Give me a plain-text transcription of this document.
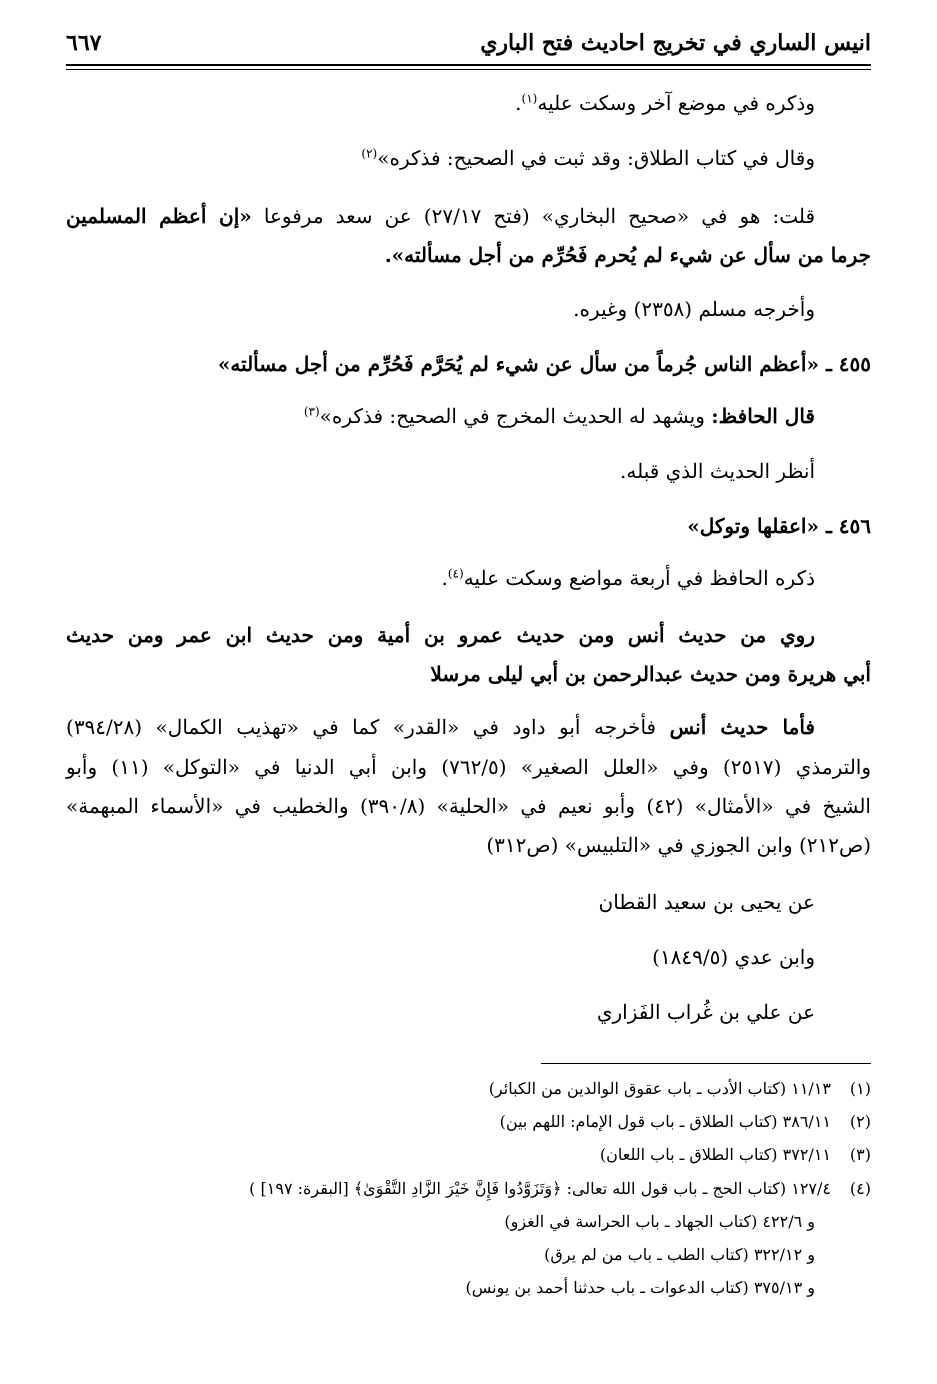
انيس الساري في تخريج احاديث فتح الباري
٦٦٧
وذكره في موضع آخر وسكت عليه$^{(١)}$.
وقال في كتاب الطلاق: وقد ثبت في الصحيح: فذكره»$^{(٢)}$
قلت: هو في «صحيح البخاري» (فتح ٢٧/١٧) عن سعد مرفوعا «إن أعظم المسلمين
جرما من سأل عن شيء لم يُحرم فَحُرِّم من أجل مسألته».
وأخرجه مسلم (٢٣٥٨) وغيره.
٤٥٥ ـ «أعظم الناس جُرماً من سأل عن شيء لم يُحَرَّم فَحُرِّم من أجل مسألته»
قال الحافظ: ويشهد له الحديث المخرج في الصحيح: فذكره»$^{(٣)}$
أنظر الحديث الذي قبله.
٤٥٦ ـ «اعقلها وتوكل»
ذكره الحافظ في أربعة مواضع وسكت عليه$^{(٤)}$.
روي من حديث أنس ومن حديث عمرو بن أمية ومن حديث ابن عمر ومن حديث
أبي هريرة ومن حديث عبدالرحمن بن أبي ليلى مرسلا
فأما حديث أنس فأخرجه أبو داود في «القدر» كما في «تهذيب الكمال» (٣٩٤/٢٨)
والترمذي (٢٥١٧) وفي «العلل الصغير» (٧٦٢/٥) وابن أبي الدنيا في «التوكل» (١١) وأبو
الشيخ في «الأمثال» (٤٢) وأبو نعيم في «الحلية» (٣٩٠/٨) والخطيب في «الأسماء المبهمة»
(ص٢١٢) وابن الجوزي في «التلبيس» (ص٣١٢)
عن يحيى بن سعيد القطان
وابن عدي (١٨٤٩/٥)
عن علي بن غُراب الفَزاري
(١)١١/١٣ (كتاب الأدب ـ باب عقوق الوالدين من الكبائر)
(٢)٣٨٦/١١ (كتاب الطلاق ـ باب قول الإمام: اللهم بين)
(٣)٣٧٢/١١ (كتاب الطلاق ـ باب اللعان)
(٤)١٢٧/٤ (كتاب الحج ـ باب قول الله تعالى: ﴿وَتَزَوَّدُوا فَإِنَّ خَيْرَ الزَّادِ التَّقْوَىٰ﴾ [البقرة: ١٩٧] )
و ٤٢٢/٦ (كتاب الجهاد ـ باب الحراسة في الغزو)
و ٣٢٢/١٢ (كتاب الطب ـ باب من لم يرق)
و ٣٧٥/١٣ (كتاب الدعوات ـ باب حدثنا أحمد بن يونس)
